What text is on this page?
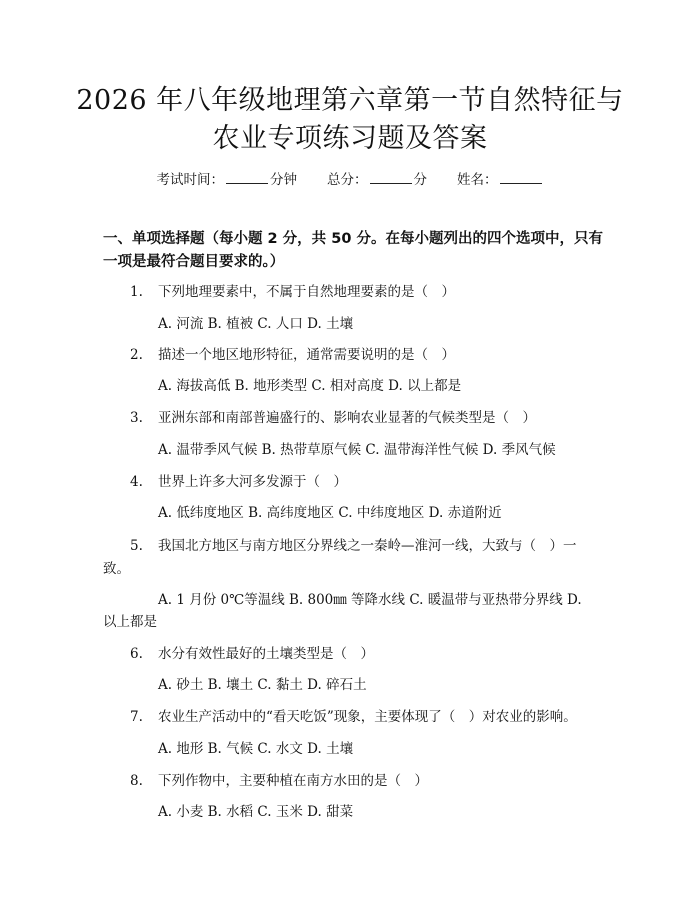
2026 年八年级地理第六章第一节自然特征与
农业专项练习题及答案
考试时间：	分钟 总分：	分 姓名：
一、单项选择题（每小题 2 分，共 50 分。在每小题列出的四个选项中，只有一项是最符合题目要求的。）
1. 下列地理要素中，不属于自然地理要素的是（　）
A. 河流 B. 植被 C. 人口 D. 土壤
2. 描述一个地区地形特征，通常需要说明的是（　）
A. 海拔高低 B. 地形类型 C. 相对高度 D. 以上都是
3. 亚洲东部和南部普遍盛行的、影响农业显著的气候类型是（　）
A. 温带季风气候 B. 热带草原气候 C. 温带海洋性气候 D. 季风气候
4. 世界上许多大河多发源于（　）
A. 低纬度地区 B. 高纬度地区 C. 中纬度地区 D. 赤道附近
5. 我国北方地区与南方地区分界线之一秦岭—淮河一线，大致与（　）一
致。
A. 1 月份 0℃等温线 B. 800㎜ 等降水线 C. 暖温带与亚热带分界线 D.
以上都是
6. 水分有效性最好的土壤类型是（　）
A. 砂土 B. 壤土 C. 黏土 D. 碎石土
7. 农业生产活动中的“看天吃饭”现象，主要体现了（　）对农业的影响。
A. 地形 B. 气候 C. 水文 D. 土壤
8. 下列作物中，主要种植在南方水田的是（　）
A. 小麦 B. 水稻 C. 玉米 D. 甜菜
